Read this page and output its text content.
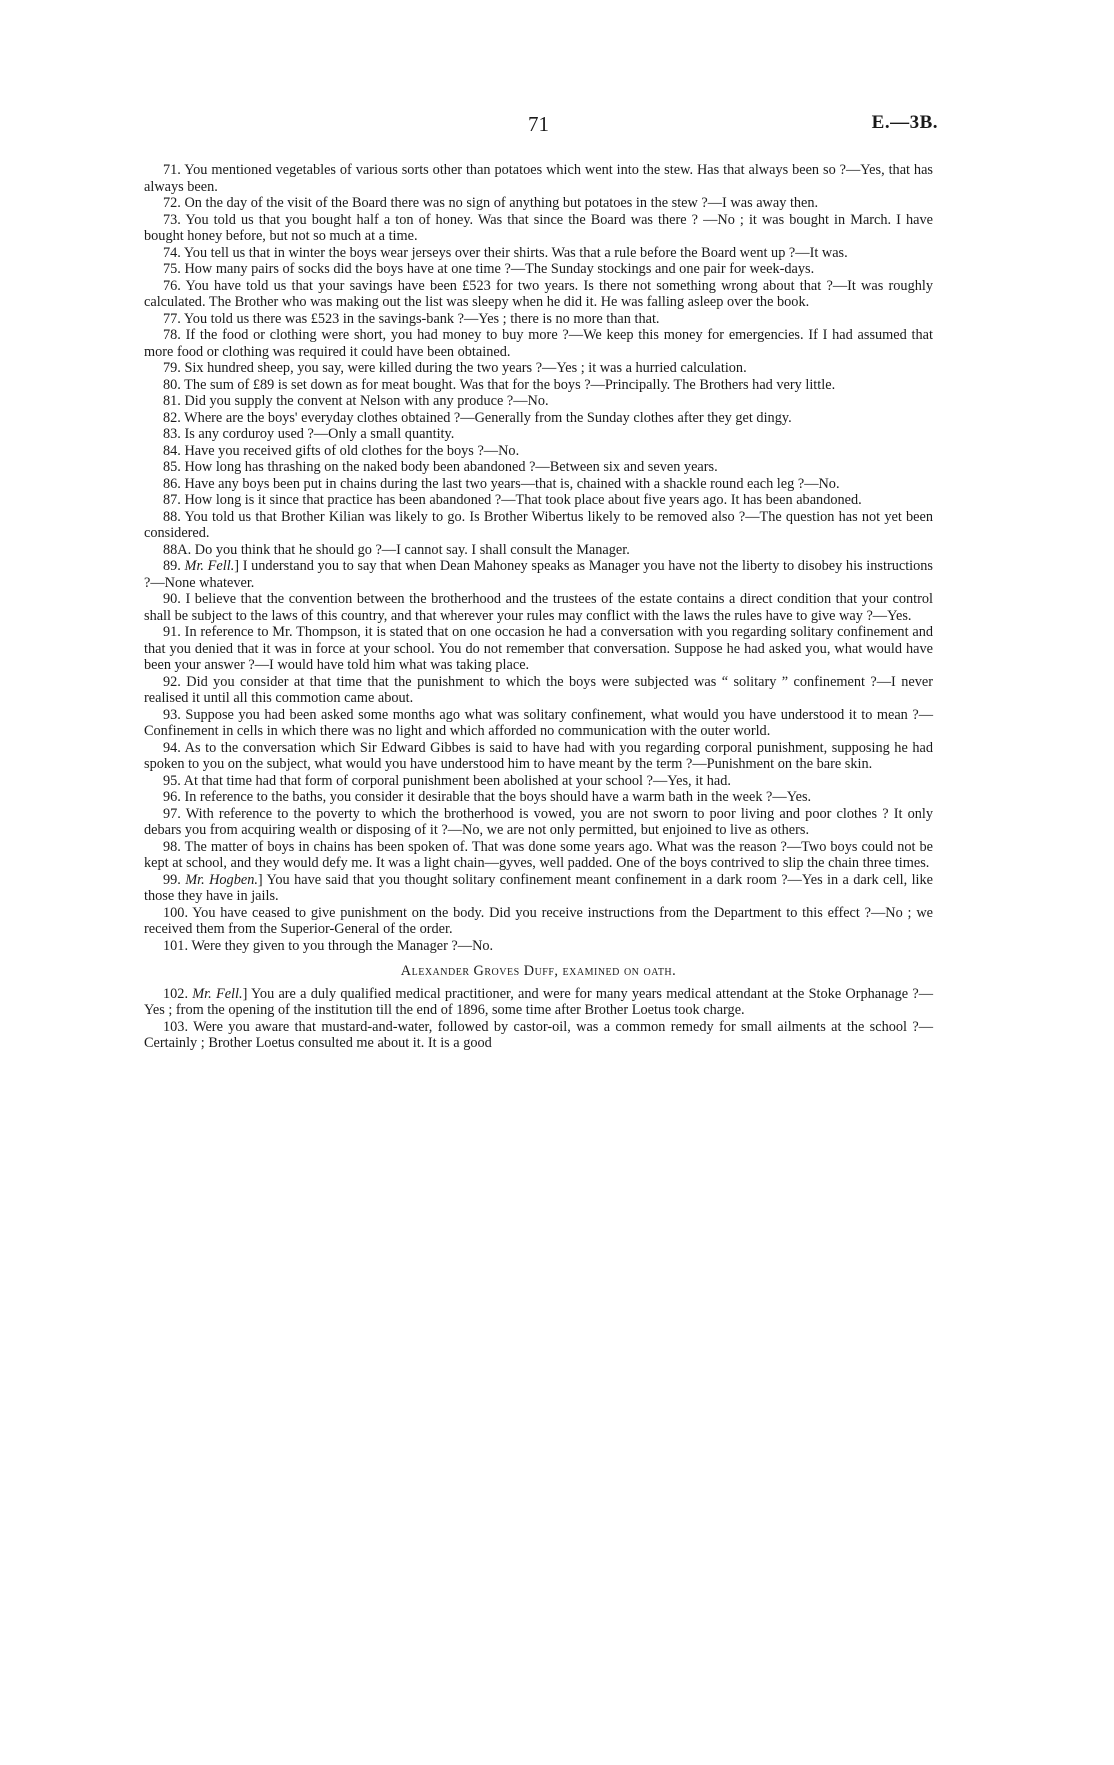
71	E.—3B.

71. You mentioned vegetables of various sorts other than potatoes which went into the stew. Has that always been so ?—Yes, that has always been.

72. On the day of the visit of the Board there was no sign of anything but potatoes in the stew ?—I was away then.

73. You told us that you bought half a ton of honey. Was that since the Board was there ? —No ; it was bought in March. I have bought honey before, but not so much at a time.

74. You tell us that in winter the boys wear jerseys over their shirts. Was that a rule before the Board went up ?—It was.

75. How many pairs of socks did the boys have at one time ?—The Sunday stockings and one pair for week-days.

76. You have told us that your savings have been £523 for two years. Is there not something wrong about that ?—It was roughly calculated. The Brother who was making out the list was sleepy when he did it. He was falling asleep over the book.

77. You told us there was £523 in the savings-bank ?—Yes ; there is no more than that.

78. If the food or clothing were short, you had money to buy more ?—We keep this money for emergencies. If I had assumed that more food or clothing was required it could have been obtained.

79. Six hundred sheep, you say, were killed during the two years ?—Yes ; it was a hurried calculation.

80. The sum of £89 is set down as for meat bought. Was that for the boys ?—Principally. The Brothers had very little.

81. Did you supply the convent at Nelson with any produce ?—No.

82. Where are the boys' everyday clothes obtained ?—Generally from the Sunday clothes after they get dingy.

83. Is any corduroy used ?—Only a small quantity.

84. Have you received gifts of old clothes for the boys ?—No.

85. How long has thrashing on the naked body been abandoned ?—Between six and seven years.

86. Have any boys been put in chains during the last two years—that is, chained with a shackle round each leg ?—No.

87. How long is it since that practice has been abandoned ?—That took place about five years ago. It has been abandoned.

88. You told us that Brother Kilian was likely to go. Is Brother Wibertus likely to be removed also ?—The question has not yet been considered.

88A. Do you think that he should go ?—I cannot say. I shall consult the Manager.

89. Mr. Fell.] I understand you to say that when Dean Mahoney speaks as Manager you have not the liberty to disobey his instructions ?—None whatever.

90. I believe that the convention between the brotherhood and the trustees of the estate contains a direct condition that your control shall be subject to the laws of this country, and that wherever your rules may conflict with the laws the rules have to give way ?—Yes.

91. In reference to Mr. Thompson, it is stated that on one occasion he had a conversation with you regarding solitary confinement and that you denied that it was in force at your school. You do not remember that conversation. Suppose he had asked you, what would have been your answer ?—I would have told him what was taking place.

92. Did you consider at that time that the punishment to which the boys were subjected was “ solitary ” confinement ?—I never realised it until all this commotion came about.

93. Suppose you had been asked some months ago what was solitary confinement, what would you have understood it to mean ?—Confinement in cells in which there was no light and which afforded no communication with the outer world.

94. As to the conversation which Sir Edward Gibbes is said to have had with you regarding corporal punishment, supposing he had spoken to you on the subject, what would you have understood him to have meant by the term ?—Punishment on the bare skin.

95. At that time had that form of corporal punishment been abolished at your school ?—Yes, it had.

96. In reference to the baths, you consider it desirable that the boys should have a warm bath in the week ?—Yes.

97. With reference to the poverty to which the brotherhood is vowed, you are not sworn to poor living and poor clothes ? It only debars you from acquiring wealth or disposing of it ?—No, we are not only permitted, but enjoined to live as others.

98. The matter of boys in chains has been spoken of. That was done some years ago. What was the reason ?—Two boys could not be kept at school, and they would defy me. It was a light chain—gyves, well padded. One of the boys contrived to slip the chain three times.

99. Mr. Hogben.] You have said that you thought solitary confinement meant confinement in a dark room ?—Yes in a dark cell, like those they have in jails.

100. You have ceased to give punishment on the body. Did you receive instructions from the Department to this effect ?—No ; we received them from the Superior-General of the order.

101. Were they given to you through the Manager ?—No.

Alexander Groves Duff, examined on oath.

102. Mr. Fell.] You are a duly qualified medical practitioner, and were for many years medical attendant at the Stoke Orphanage ?—Yes ; from the opening of the institution till the end of 1896, some time after Brother Loetus took charge.

103. Were you aware that mustard-and-water, followed by castor-oil, was a common remedy for small ailments at the school ?—Certainly ; Brother Loetus consulted me about it. It is a good
